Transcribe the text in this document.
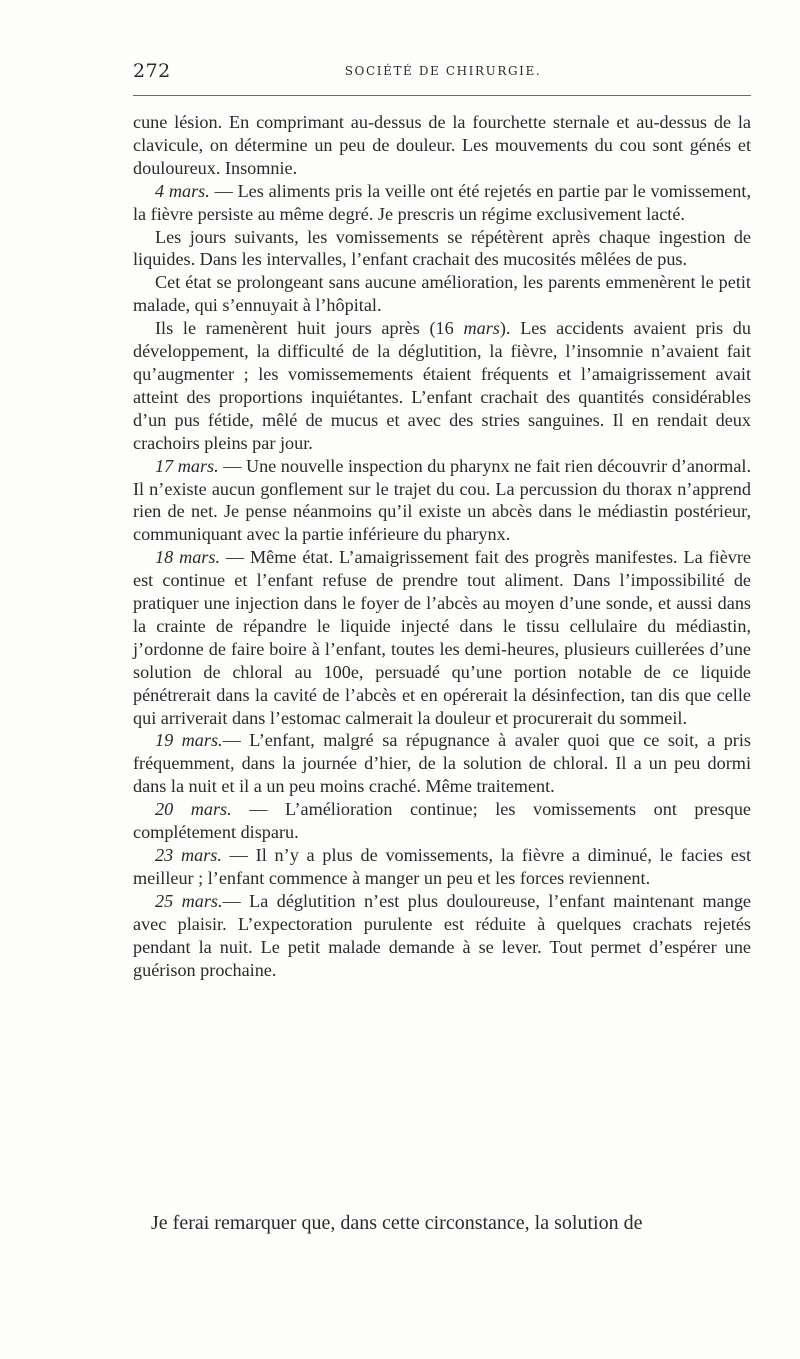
272	SOCIÉTÉ DE CHIRURGIE.

cune lésion. En comprimant au-dessus de la fourchette sternale et au-dessus de la clavicule, on détermine un peu de douleur. Les mouvements du cou sont génés et douloureux. Insomnie.

4 mars. — Les aliments pris la veille ont été rejetés en partie par le vomissement, la fièvre persiste au même degré. Je prescris un régime exclusivement lacté.

Les jours suivants, les vomissements se répétèrent après chaque ingestion de liquides. Dans les intervalles, l’enfant crachait des mucosités mêlées de pus.

Cet état se prolongeant sans aucune amélioration, les parents emmenèrent le petit malade, qui s’ennuyait à l’hôpital.

Ils le ramenèrent huit jours après (16 mars). Les accidents avaient pris du développement, la difficulté de la déglutition, la fièvre, l’insomnie n’avaient fait qu’augmenter ; les vomissemements étaient fréquents et l’amaigrissement avait atteint des proportions inquiétantes. L’enfant crachait des quantités considérables d’un pus fétide, mêlé de mucus et avec des stries sanguines. Il en rendait deux crachoirs pleins par jour.

17 mars. — Une nouvelle inspection du pharynx ne fait rien découvrir d’anormal. Il n’existe aucun gonflement sur le trajet du cou. La percussion du thorax n’apprend rien de net. Je pense néanmoins qu’il existe un abcès dans le médiastin postérieur, communiquant avec la partie inférieure du pharynx.

18 mars. — Même état. L’amaigrissement fait des progrès manifestes. La fièvre est continue et l’enfant refuse de prendre tout aliment. Dans l’impossibilité de pratiquer une injection dans le foyer de l’abcès au moyen d’une sonde, et aussi dans la crainte de répandre le liquide injecté dans le tissu cellulaire du médiastin, j’ordonne de faire boire à l’enfant, toutes les demi-heures, plusieurs cuillerées d’une solution de chloral au 100e, persuadé qu’une portion notable de ce liquide pénétrerait dans la cavité de l’abcès et en opérerait la désinfection, tan dis que celle qui arriverait dans l’estomac calmerait la douleur et procurerait du sommeil.

19 mars.— L’enfant, malgré sa répugnance à avaler quoi que ce soit, a pris fréquemment, dans la journée d’hier, de la solution de chloral. Il a un peu dormi dans la nuit et il a un peu moins craché. Même traitement.

20 mars. — L’amélioration continue; les vomissements ont presque complétement disparu.

23 mars. — Il n’y a plus de vomissements, la fièvre a diminué, le facies est meilleur ; l’enfant commence à manger un peu et les forces reviennent.

25 mars.— La déglutition n’est plus douloureuse, l’enfant maintenant mange avec plaisir. L’expectoration purulente est réduite à quelques crachats rejetés pendant la nuit. Le petit malade demande à se lever. Tout permet d’espérer une guérison prochaine.

Je ferai remarquer que, dans cette circonstance, la solution de
